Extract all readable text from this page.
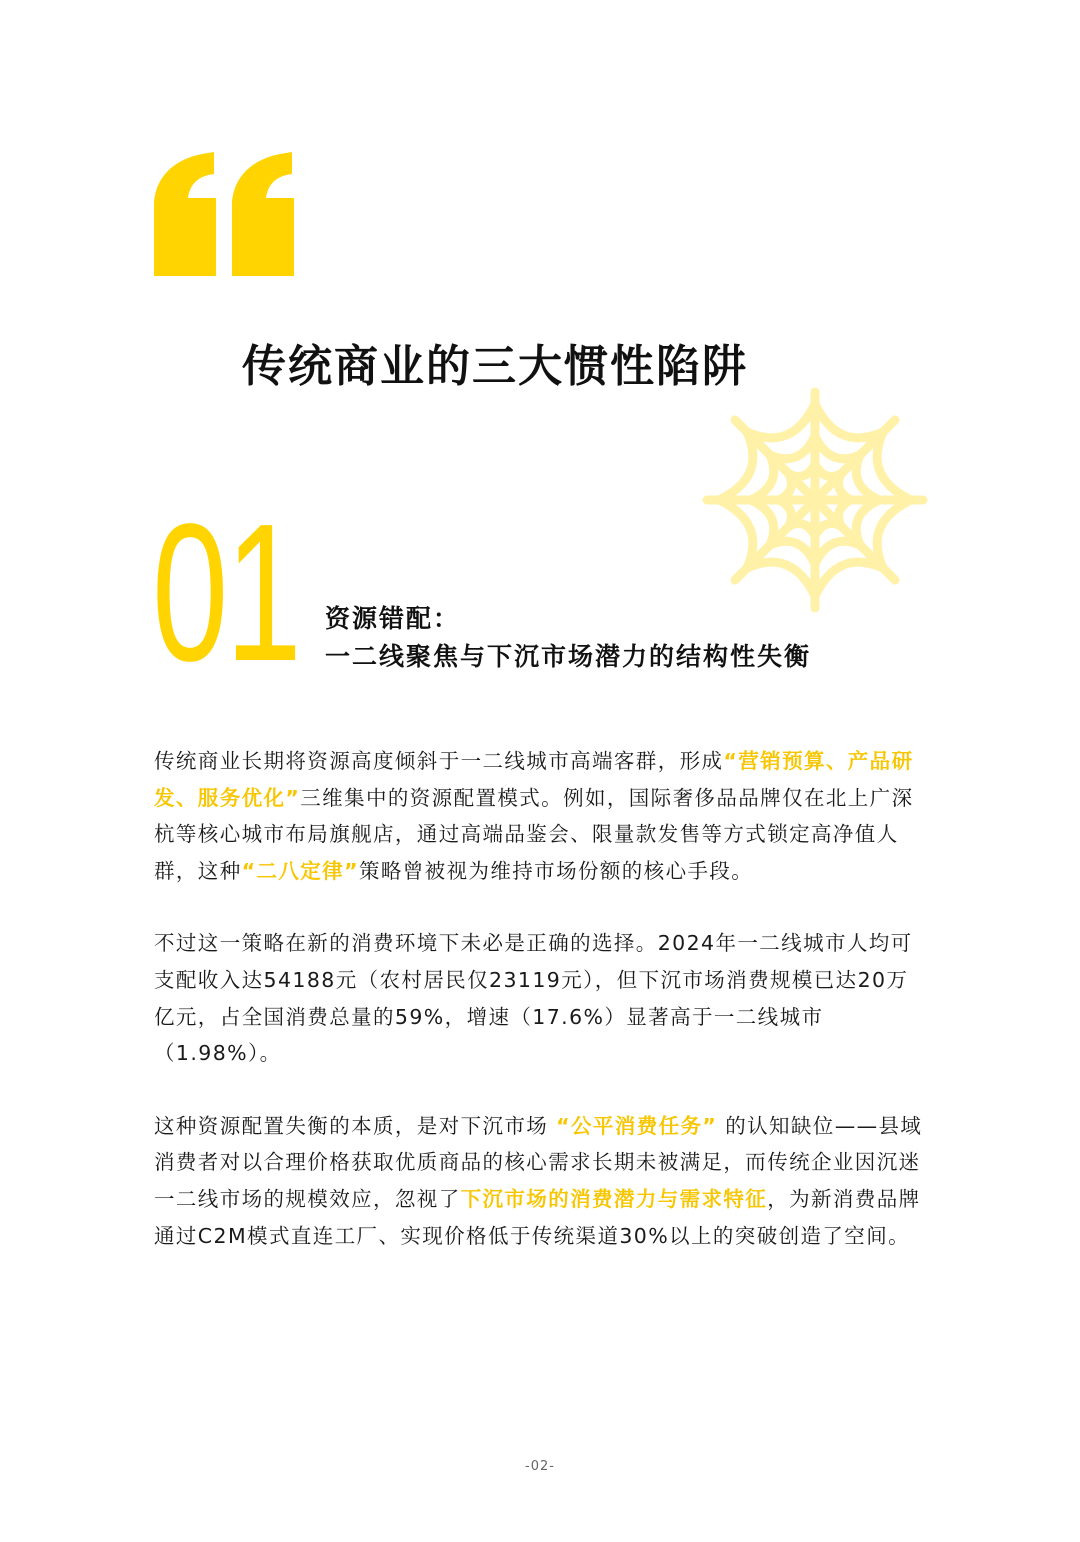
传统商业的三大惯性陷阱
01 资源错配：
一二线聚焦与下沉市场潜力的结构性失衡

传统商业长期将资源高度倾斜于一二线城市高端客群，形成“营销预算、产品研发、服务优化”三维集中的资源配置模式。例如，国际奢侈品品牌仅在北上广深杭等核心城市布局旗舰店，通过高端品鉴会、限量款发售等方式锁定高净值人群，这种“二八定律”策略曾被视为维持市场份额的核心手段。

不过这一策略在新的消费环境下未必是正确的选择。2024年一二线城市人均可支配收入达54188元（农村居民仅23119元），但下沉市场消费规模已达20万亿元，占全国消费总量的59%，增速（17.6%）显著高于一二线城市（1.98%）。

这种资源配置失衡的本质，是对下沉市场 “公平消费任务” 的认知缺位——县域消费者对以合理价格获取优质商品的核心需求长期未被满足，而传统企业因沉迷一二线市场的规模效应，忽视了下沉市场的消费潜力与需求特征，为新消费品牌通过C2M模式直连工厂、实现价格低于传统渠道30%以上的突破创造了空间。

-02-
